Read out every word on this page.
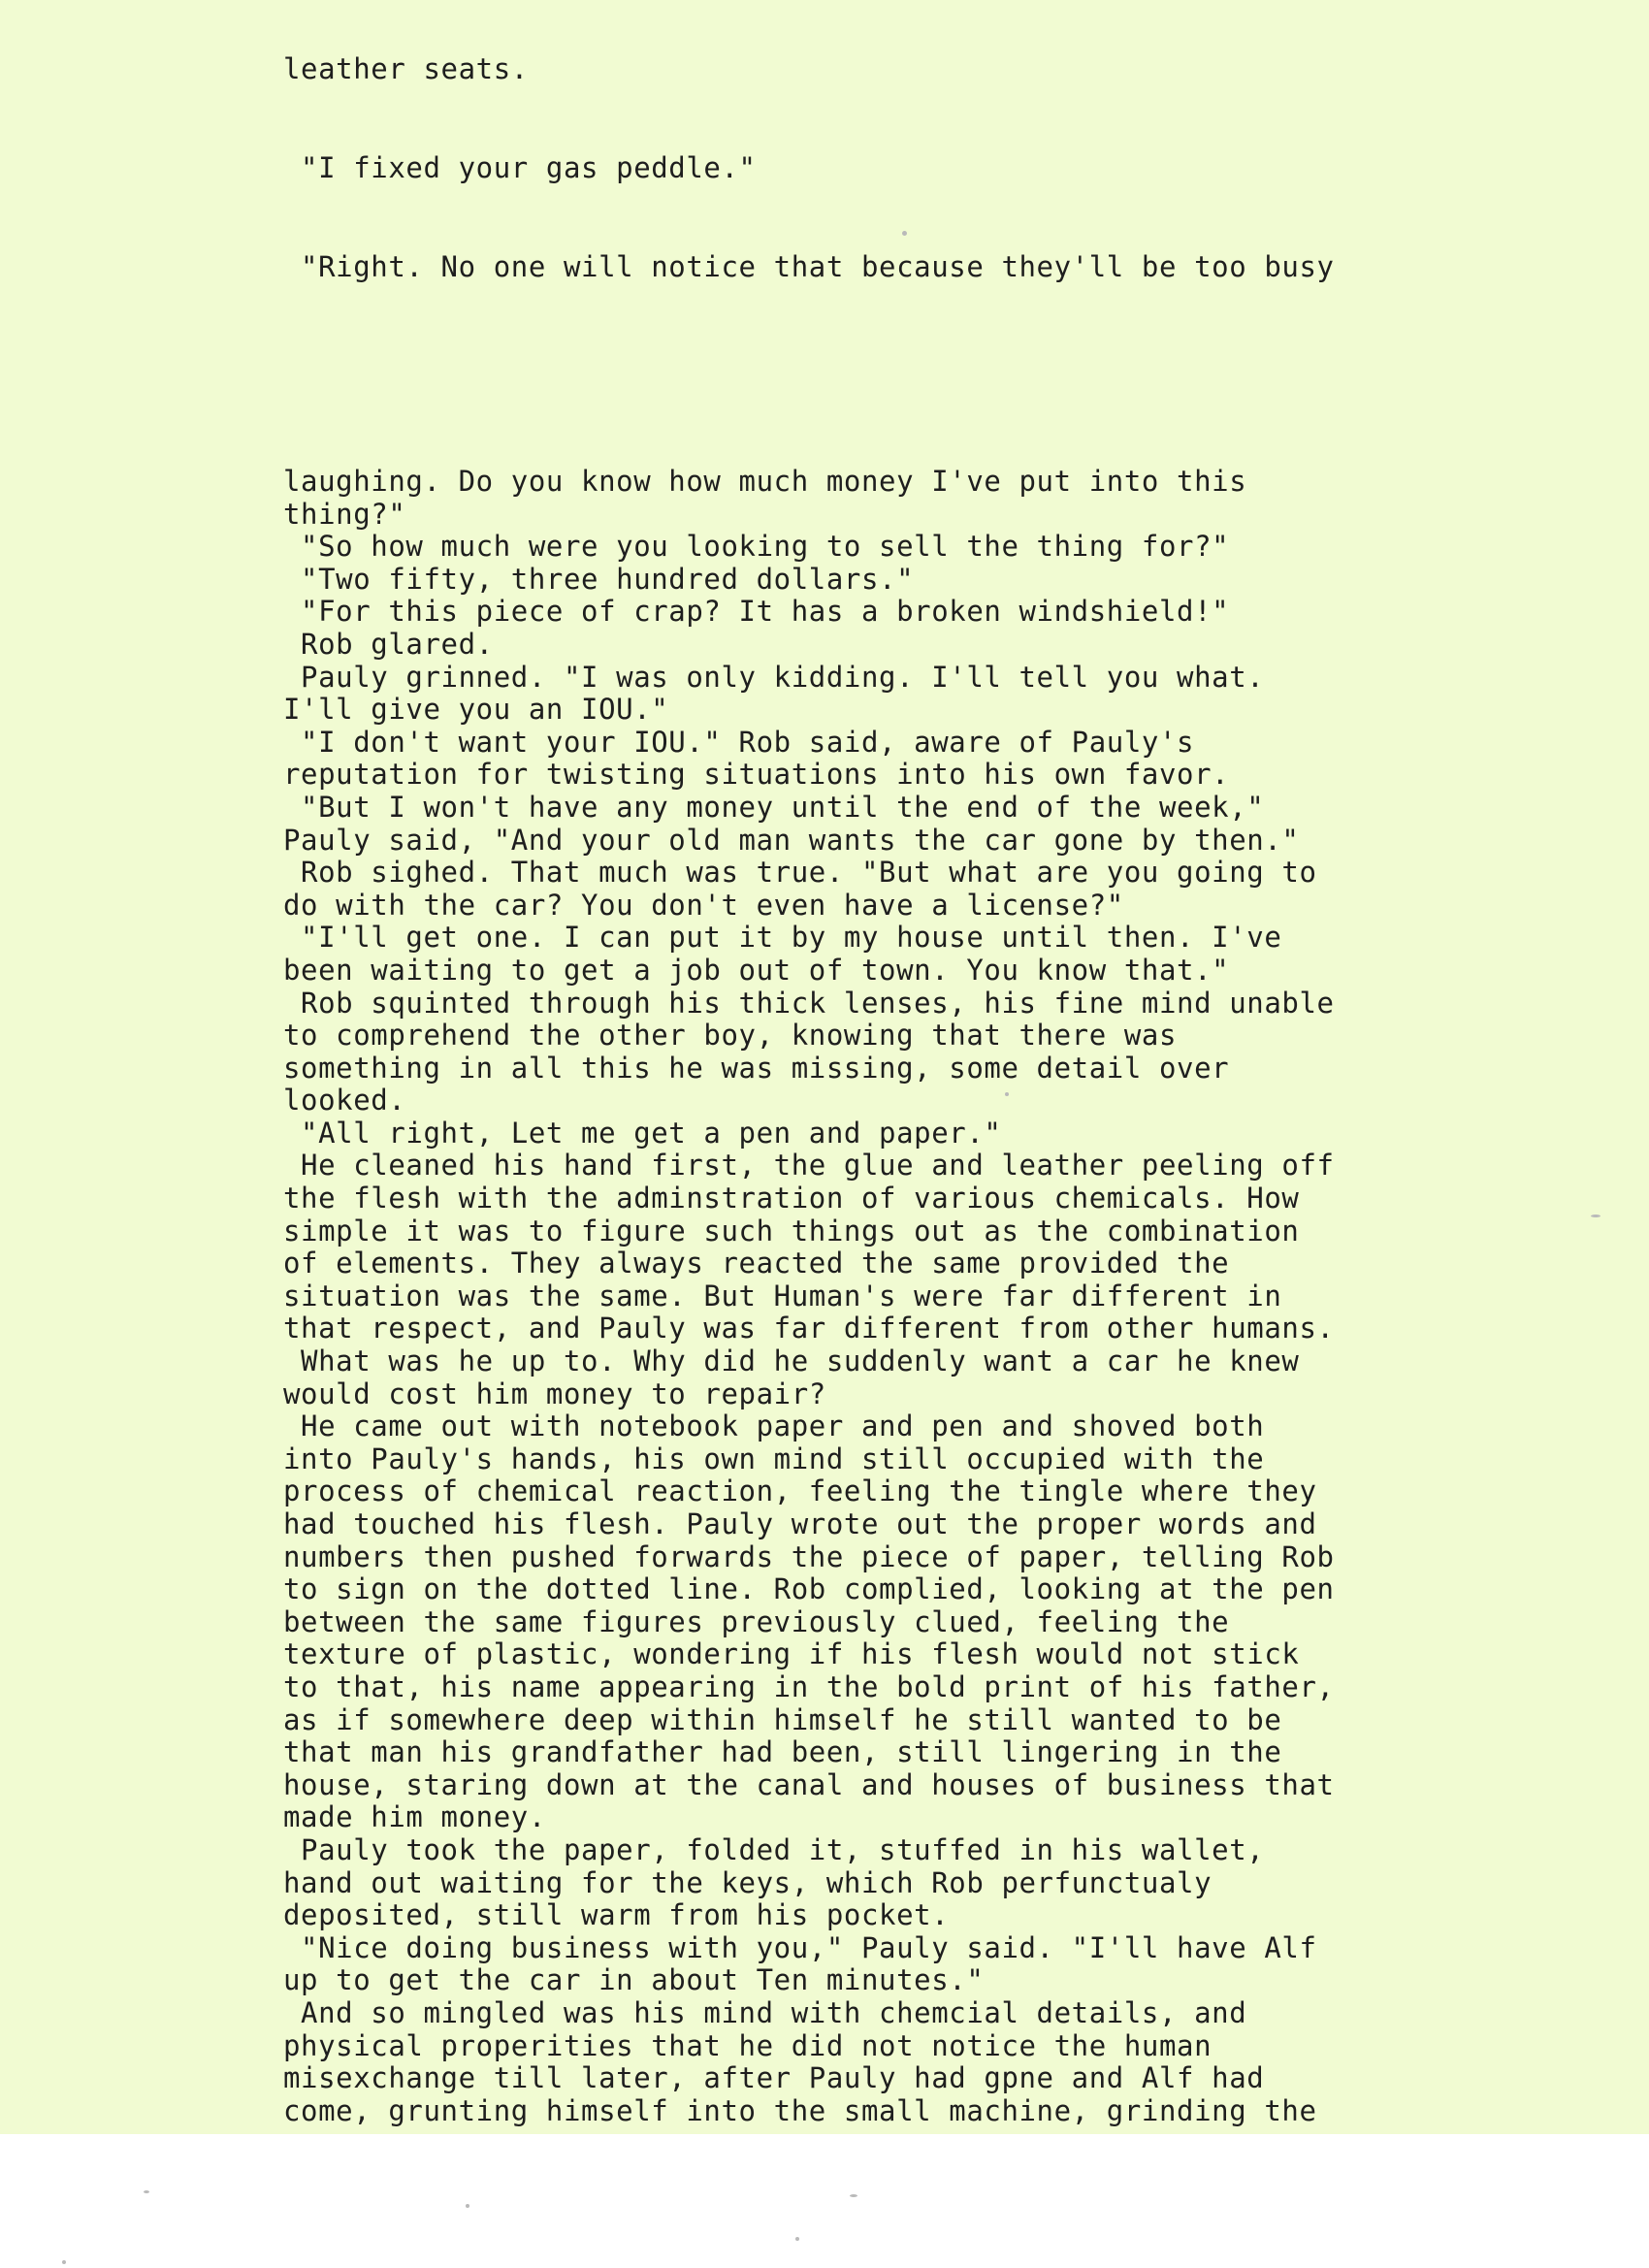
leather seats.

"I fixed your gas peddle."

"Right. No one will notice that because they'll be too busy

laughing. Do you know how much money I've put into this
thing?"
"So how much were you looking to sell the thing for?"
"Two fifty, three hundred dollars."
"For this piece of crap? It has a broken windshield!"
Rob glared.
Pauly grinned. "I was only kidding. I'll tell you what.
I'll give you an IOU."
"I don't want your IOU." Rob said, aware of Pauly's
reputation for twisting situations into his own favor.
"But I won't have any money until the end of the week,"
Pauly said, "And your old man wants the car gone by then."
Rob sighed. That much was true. "But what are you going to
do with the car? You don't even have a license?"
"I'll get one. I can put it by my house until then. I've
been waiting to get a job out of town. You know that."
Rob squinted through his thick lenses, his fine mind unable
to comprehend the other boy, knowing that there was
something in all this he was missing, some detail over
looked.
"All right, Let me get a pen and paper."
He cleaned his hand first, the glue and leather peeling off
the flesh with the adminstration of various chemicals. How
simple it was to figure such things out as the combination
of elements. They always reacted the same provided the
situation was the same. But Human's were far different in
that respect, and Pauly was far different from other humans.
What was he up to. Why did he suddenly want a car he knew
would cost him money to repair?
He came out with notebook paper and pen and shoved both
into Pauly's hands, his own mind still occupied with the
process of chemical reaction, feeling the tingle where they
had touched his flesh. Pauly wrote out the proper words and
numbers then pushed forwards the piece of paper, telling Rob
to sign on the dotted line. Rob complied, looking at the pen
between the same figures previously clued, feeling the
texture of plastic, wondering if his flesh would not stick
to that, his name appearing in the bold print of his father,
as if somewhere deep within himself he still wanted to be
that man his grandfather had been, still lingering in the
house, staring down at the canal and houses of business that
made him money.
Pauly took the paper, folded it, stuffed in his wallet,
hand out waiting for the keys, which Rob perfunctualy
deposited, still warm from his pocket.
"Nice doing business with you," Pauly said. "I'll have Alf
up to get the car in about Ten minutes."
And so mingled was his mind with chemcial details, and
physical properities that he did not notice the human
misexchange till later, after Pauly had gpne and Alf had
come, grunting himself into the small machine, grinding the
